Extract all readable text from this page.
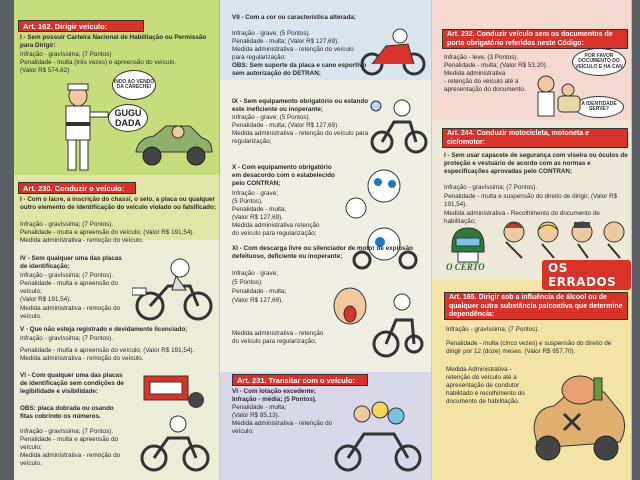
Art. 162. Dirigir veículo:
I - Sem possuir Carteira Nacional de Habilitação ou Permissão para Dirigir:
Infração - gravíssima; (7 Pontos)
Penalidade - multa (três vezes) e apreensão do veículo.
(Valor R$ 574,62)
INDO AO VENDO DA CARECHE!
GUGU DADA
Art. 230. Conduzir o veículo:
I - Com o lacre, a inscrição do chassi, o selo, a placa ou qualquer outro elemento de identificação do veículo violado ou falsificado;
Infração - gravíssima; (7 Pontos).
Penalidade - multa e apreensão do veículo; (Valor R$ 191,54).
Medida administrativa - remoção do veículo.
IV - Sem qualquer uma das placas de identificação;
Infração - gravíssima; (7 Pontos).
Penalidade - multa e apreensão do veículo;
(Valor R$ 191,54).
Medida administrativa - remoção do veículo.
V - Que não esteja registrado e devidamente licenciado;
Infração - gravíssima; (7 Pontos).
Penalidade - multa e apreensão do veículo; (Valor R$ 191,54).
Medida administrativa - remoção do veículo.
VI - Com qualquer uma das placas de identificação sem condições de legibilidade e visibilidade:
OBS: placa dobrada ou usando fitas cobrindo os números.
Infração - gravíssima; (7 Pontos).
Penalidade - multa e apreensão do veículo;
Medida administrativa - remoção do veículo.
VII - Com a cor ou característica alterada;
Infração - grave; (5 Pontos).
Penalidade - multa; (Valor R$ 127,69).
Medida administrativa - retenção do veículo para regularização;
OBS: Sem suporte da placa e cano esportivo sem autorização do DETRAN;
IX - Sem equipamento obrigatório ou estando este ineficiente ou inoperante;
Infração - grave; (5 Pontos).
Penalidade - multa; (Valor R$ 127,69).
Medida administrativa - retenção do veículo para regularização;
X - Com equipamento obrigatório em desacordo com o estabelecido pelo CONTRAN;
Infração - grave;
(5 Pontos).
Penalidade - multa;
(Valor R$ 127,69).
Medida administrativa retenção do veículo para regularização;
XI - Com descarga livre ou silenciador de motor de explosão defeituoso, deficiente ou inoperante;
Infração - grave;
(5 Pontos).
Penalidade - multa;
(Valor R$ 127,69).
Medida administrativa - retenção do veículo para regularização;
Art. 231. Transitar com o veículo:
VI - Com lotação excedente;
Infração - média; (5 Pontos).
Penalidade - multa;
(Valor R$ 85,13).
Medida administrativa - retenção do veículo;
Art. 232. Conduzir veículo sem os documentos de porte obrigatório referidos neste Código:
Infração - leve; (3 Pontos).
Penalidade - multa; (Valor R$ 53,20).
Medida administrativa
- retenção do veículo até a apresentação do documento.
POR FAVOR DOCUMENTO DO VEÍCULO E HA CAN
A IDENTIDADE SERVE?
Art. 244. Conduzir motocicleta, motoneta e ciclomotor:
I - Sem usar capacete de segurança com viseira ou óculos de proteção e vestuário de acordo com as normas e especificações aprovadas pelo CONTRAN;
Infração - gravíssima; (7 Pontos).
Penalidade - multa e suspensão do direito de dirigir; (Valor R$ 191,54).
Medida administrativa - Recolhimento do documento de habilitação;
O CERTO	OS ERRADOS
Art. 165. Dirigir sob a influência de álcool ou de qualquer outra substância psicoativa que determine dependência:
Infração - gravíssima; (7 Pontos).
Penalidade - multa (cinco vezes) e suspensão do direito de dirigir por 12 (doze) meses. (Valor R$ 957,70).
Medida Administrativa - retenção do veículo até a apresentação de condutor habilitado e recolhimento do documento de habilitação.
